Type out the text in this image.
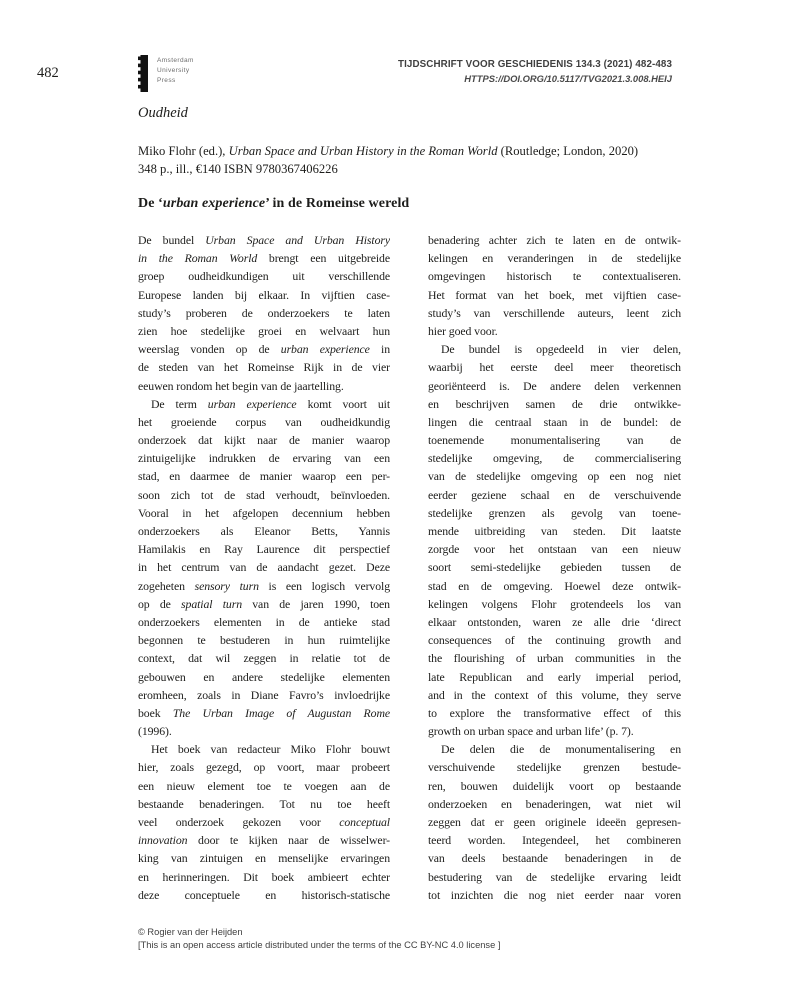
482
Amsterdam
University
Press
TIJDSCHRIFT VOOR GESCHIEDENIS 134.3 (2021) 482-483
HTTPS://DOI.ORG/10.5117/TVG2021.3.008.HEIJ
Oudheid
Miko Flohr (ed.), Urban Space and Urban History in the Roman World (Routledge; London, 2020)
348 p., ill., €140 ISBN 9780367406226
De ‘urban experience’ in de Romeinse wereld
De bundel Urban Space and Urban History
in the Roman World brengt een uitgebreide
groep oudheidkundigen uit verschillende
Europese landen bij elkaar. In vijftien case-
study’s proberen de onderzoekers te laten
zien hoe stedelijke groei en welvaart hun
weerslag vonden op de urban experience in
de steden van het Romeinse Rijk in de vier
eeuwen rondom het begin van de jaartelling.
De term urban experience komt voort uit
het groeiende corpus van oudheidkundig
onderzoek dat kijkt naar de manier waarop
zintuigelijke indrukken de ervaring van een
stad, en daarmee de manier waarop een per-
soon zich tot de stad verhoudt, beïnvloeden.
Vooral in het afgelopen decennium hebben
onderzoekers als Eleanor Betts, Yannis
Hamilakis en Ray Laurence dit perspectief
in het centrum van de aandacht gezet. Deze
zogeheten sensory turn is een logisch vervolg
op de spatial turn van de jaren 1990, toen
onderzoekers elementen in de antieke stad
begonnen te bestuderen in hun ruimtelijke
context, dat wil zeggen in relatie tot de
gebouwen en andere stedelijke elementen
eromheen, zoals in Diane Favro’s invloedrijke
boek The Urban Image of Augustan Rome
(1996).
Het boek van redacteur Miko Flohr bouwt
hier, zoals gezegd, op voort, maar probeert
een nieuw element toe te voegen aan de
bestaande benaderingen. Tot nu toe heeft
veel onderzoek gekozen voor conceptual
innovation door te kijken naar de wisselwer-
king van zintuigen en menselijke ervaringen
en herinneringen. Dit boek ambieert echter
deze conceptuele en historisch-statische
benadering achter zich te laten en de ontwik-
kelingen en veranderingen in de stedelijke
omgevingen historisch te contextualiseren.
Het format van het boek, met vijftien case-
study’s van verschillende auteurs, leent zich
hier goed voor.
De bundel is opgedeeld in vier delen,
waarbij het eerste deel meer theoretisch
georiënteerd is. De andere delen verkennen
en beschrijven samen de drie ontwikke-
lingen die centraal staan in de bundel: de
toenemende monumentalisering van de
stedelijke omgeving, de commercialisering
van de stedelijke omgeving op een nog niet
eerder geziene schaal en de verschuivende
stedelijke grenzen als gevolg van toene-
mende uitbreiding van steden. Dit laatste
zorgde voor het ontstaan van een nieuw
soort semi-stedelijke gebieden tussen de
stad en de omgeving. Hoewel deze ontwik-
kelingen volgens Flohr grotendeels los van
elkaar ontstonden, waren ze alle drie ‘direct
consequences of the continuing growth and
the flourishing of urban communities in the
late Republican and early imperial period,
and in the context of this volume, they serve
to explore the transformative effect of this
growth on urban space and urban life’ (p. 7).
De delen die de monumentalisering en
verschuivende stedelijke grenzen bestude-
ren, bouwen duidelijk voort op bestaande
onderzoeken en benaderingen, wat niet wil
zeggen dat er geen originele ideeën gepresen-
teerd worden. Integendeel, het combineren
van deels bestaande benaderingen in de
bestudering van de stedelijke ervaring leidt
tot inzichten die nog niet eerder naar voren
© Rogier van der Heijden
[This is an open access article distributed under the terms of the CC BY-NC 4.0 license ]
